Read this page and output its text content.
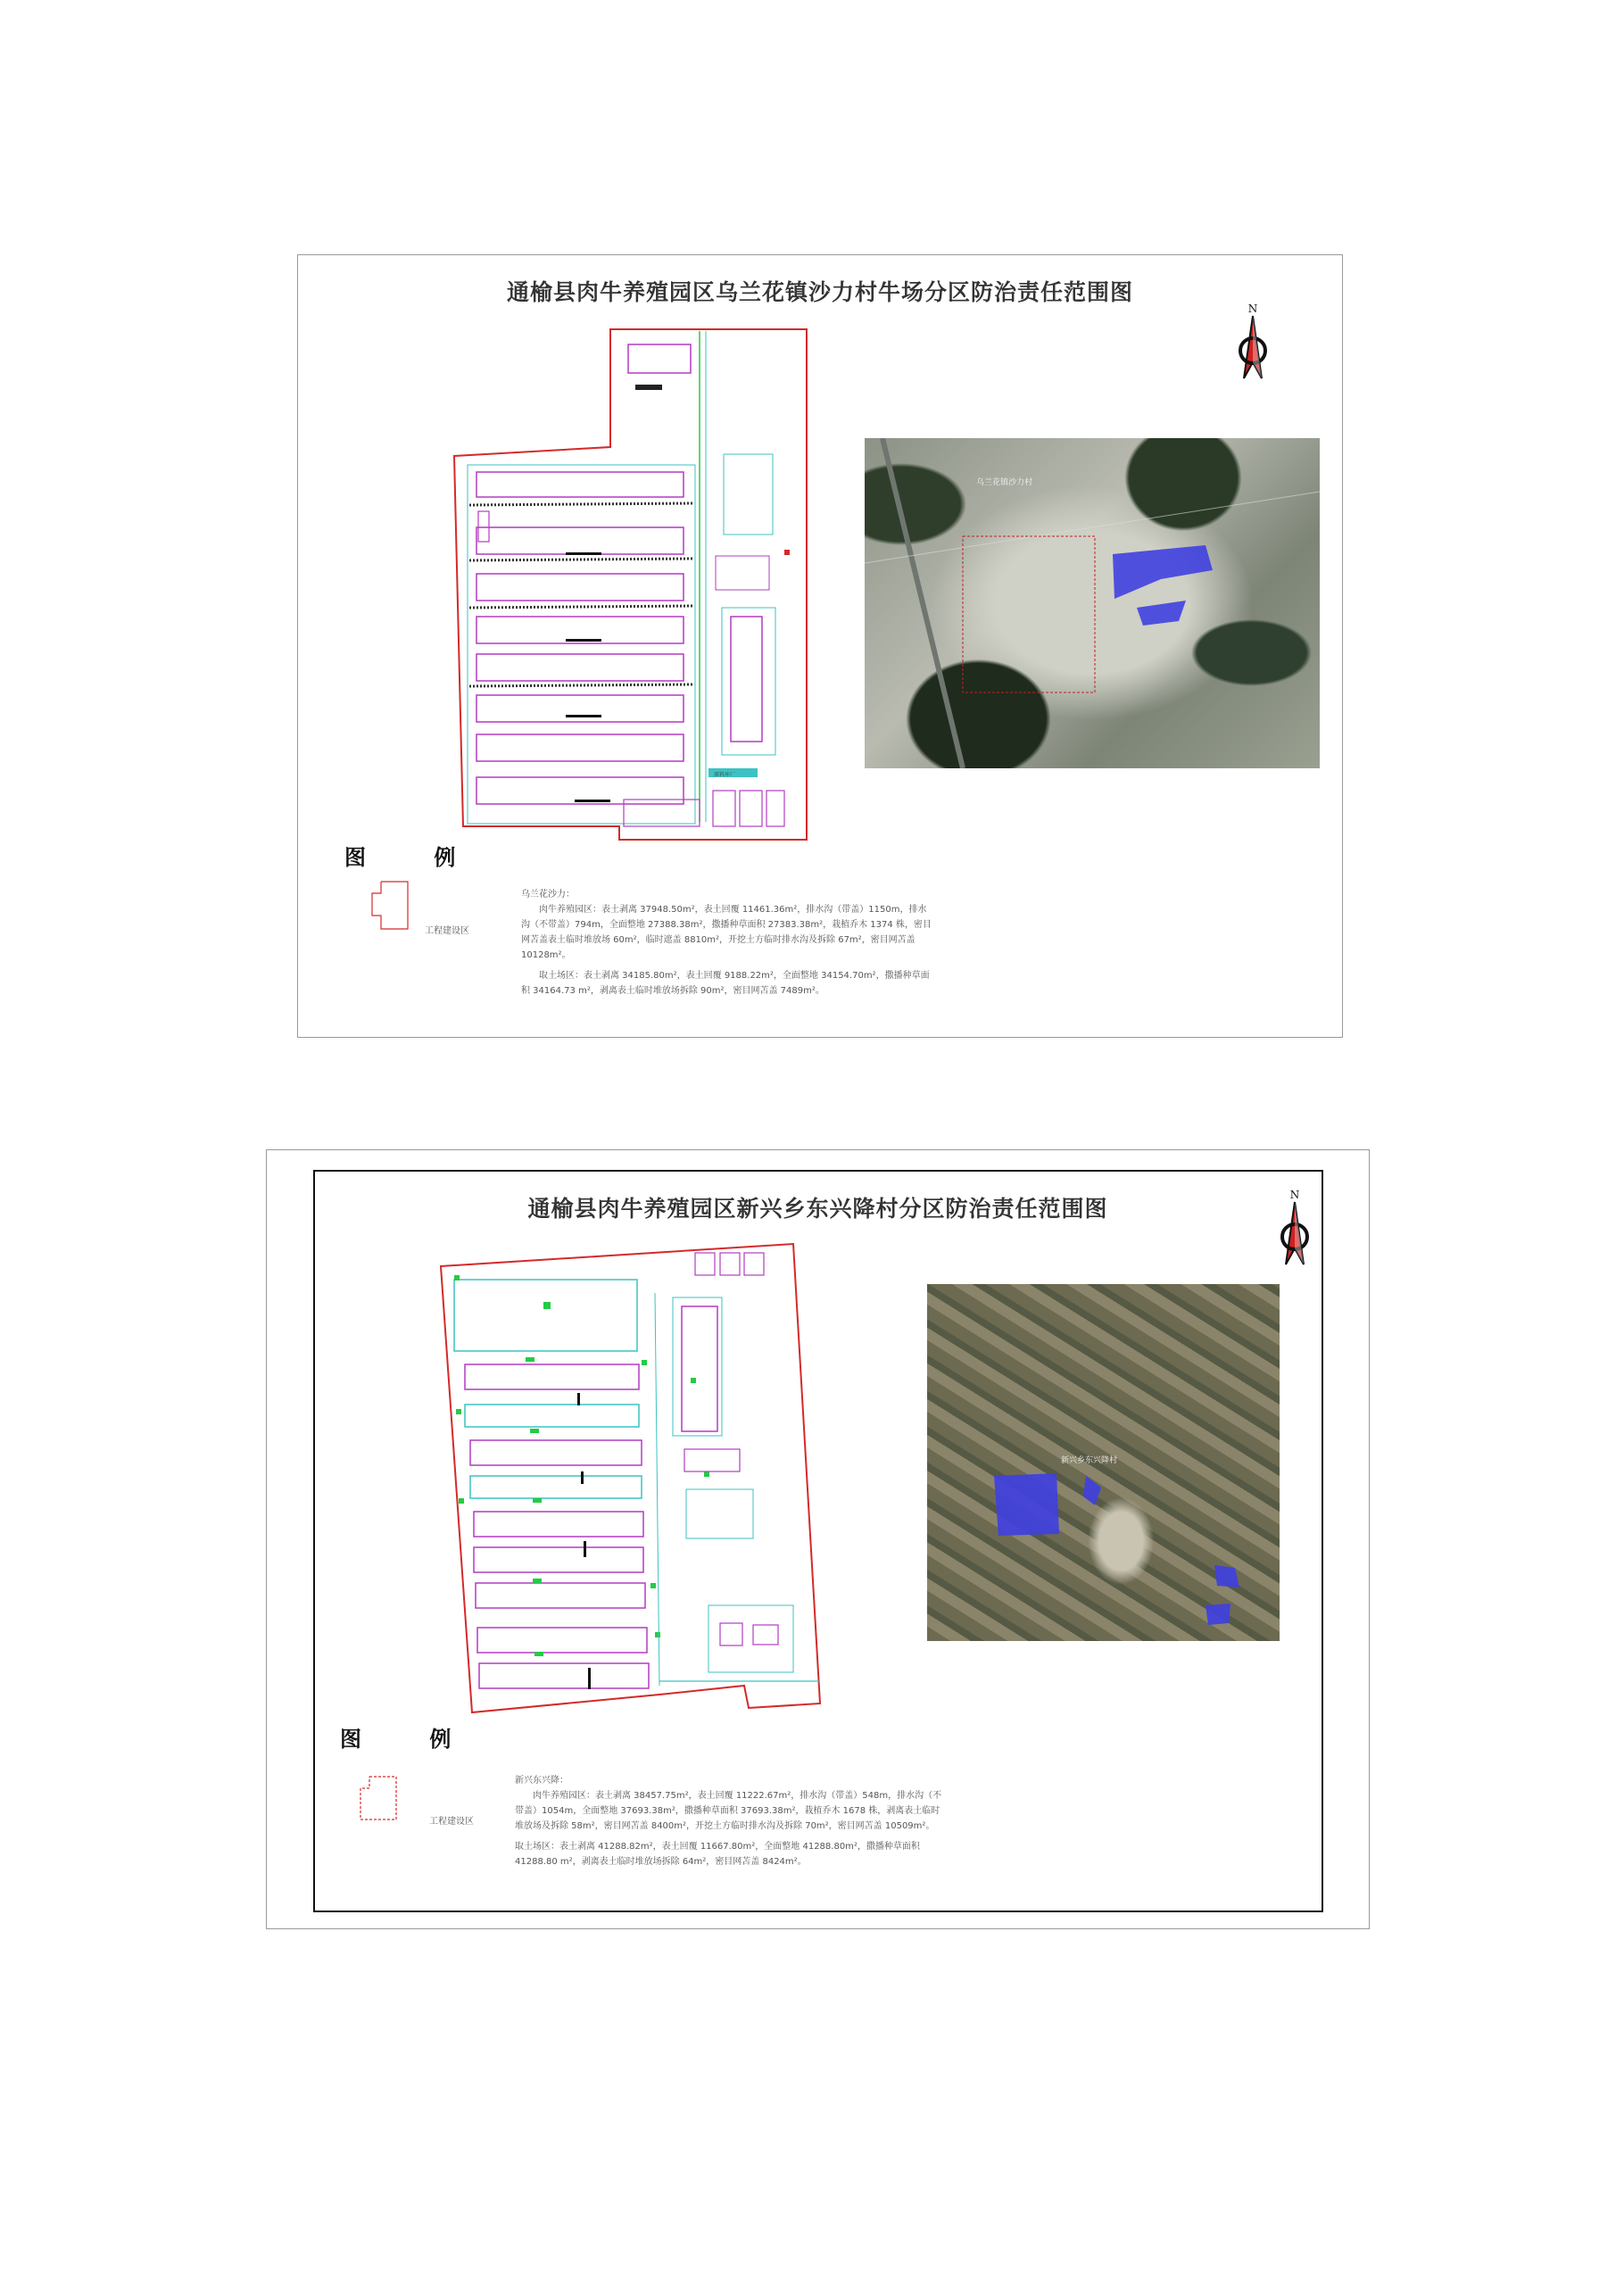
通榆县肉牛养殖园区乌兰花镇沙力村牛场分区防治责任范围图
N
原料库厂
乌兰花镇沙力村
图 例
工程建设区

乌兰花沙力：

肉牛养殖园区：表土剥离 37948.50m²，表土回覆 11461.36m²，排水沟（带盖）1150m，排水沟（不带盖）794m，全面整地 27388.38m²，撒播种草面积 27383.38m²，栽植乔木 1374 株，密目网苫盖表土临时堆放场 60m²，临时遮盖 8810m²，开挖土方临时排水沟及拆除 67m²，密目网苫盖 10128m²。

取土场区：表土剥离 34185.80m²，表土回覆 9188.22m²，全面整地 34154.70m²，撒播种草面积 34164.73 m²，剥离表土临时堆放场拆除 90m²，密目网苫盖 7489m²。

通榆县肉牛养殖园区新兴乡东兴降村分区防治责任范围图
N
新兴乡东兴降村
图 例
工程建设区

新兴东兴降：

肉牛养殖园区：表土剥离 38457.75m²，表土回覆 11222.67m²，排水沟（带盖）548m，排水沟（不带盖）1054m，全面整地 37693.38m²，撒播种草面积 37693.38m²，栽植乔木 1678 株，剥离表土临时堆放场及拆除 58m²，密目网苫盖 8400m²，开挖土方临时排水沟及拆除 70m²，密目网苫盖 10509m²。

取土场区：表土剥离 41288.82m²，表土回覆 11667.80m²，全面整地 41288.80m²，撒播种草面积 41288.80 m²，剥离表土临时堆放场拆除 64m²，密目网苫盖 8424m²。
